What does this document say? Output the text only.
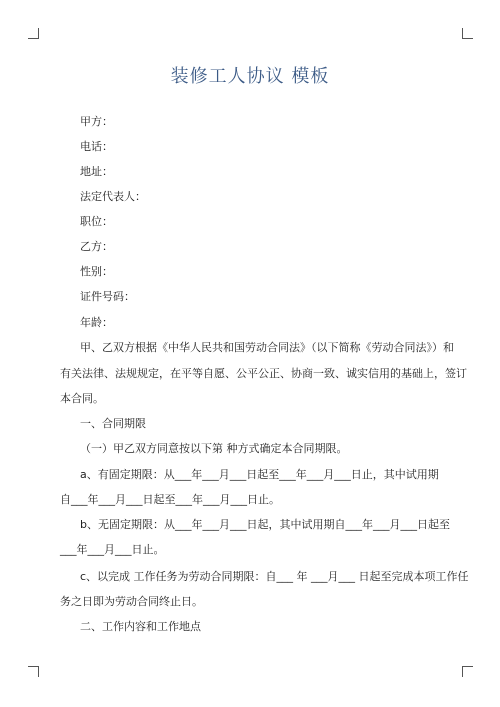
装修工人协议 模板
甲方：
电话：
地址：
法定代表人：
职位：
乙方：
性别：
证件号码：
年龄：
甲、乙双方根据《中华人民共和国劳动合同法》（以下简称《劳动合同法》）和
有关法律、法规规定，在平等自愿、公平公正、协商一致、诚实信用的基础上，签订
本合同。
一、合同期限
（一）甲乙双方同意按以下第 种方式确定本合同期限。
a、有固定期限：从___年___月___日起至___年___月___日止，其中试用期
自___年___月___日起至___年___月___日止。
b、无固定期限：从___年___月___日起，其中试用期自___年___月___日起至
___年___月___日止。
c、以完成 工作任务为劳动合同期限：自___ 年 ___月___ 日起至完成本项工作任
务之日即为劳动合同终止日。
二、工作内容和工作地点
